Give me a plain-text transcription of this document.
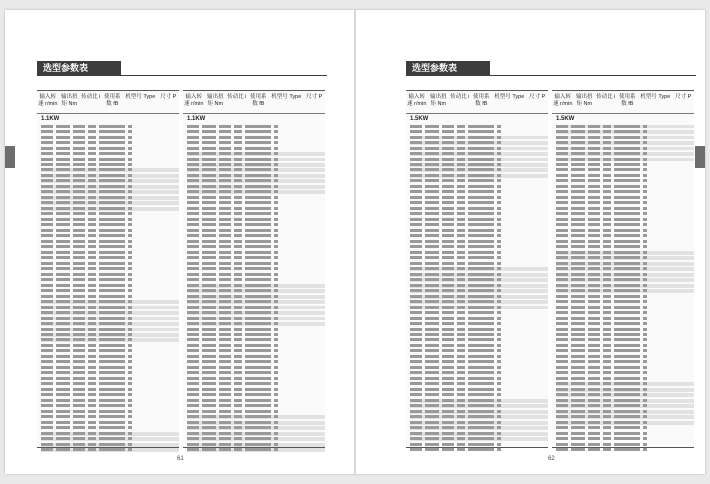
选型参数表
输入转速 r/min
输出扭矩 Nm
传动比 i 使用系数 fB
机型号 Type 尺寸 P
1.1KW
输入转速 r/min
输出扭矩 Nm
传动比 i 使用系数 fB
机型号 Type 尺寸 P
1.1KW
61
选型参数表
输入转速 r/min
输出扭矩 Nm
传动比 i 使用系数 fB
机型号 Type 尺寸 P
1.5KW
输入转速 r/min
输出扭矩 Nm
传动比 i 使用系数 fB
机型号 Type 尺寸 P
1.5KW
62
